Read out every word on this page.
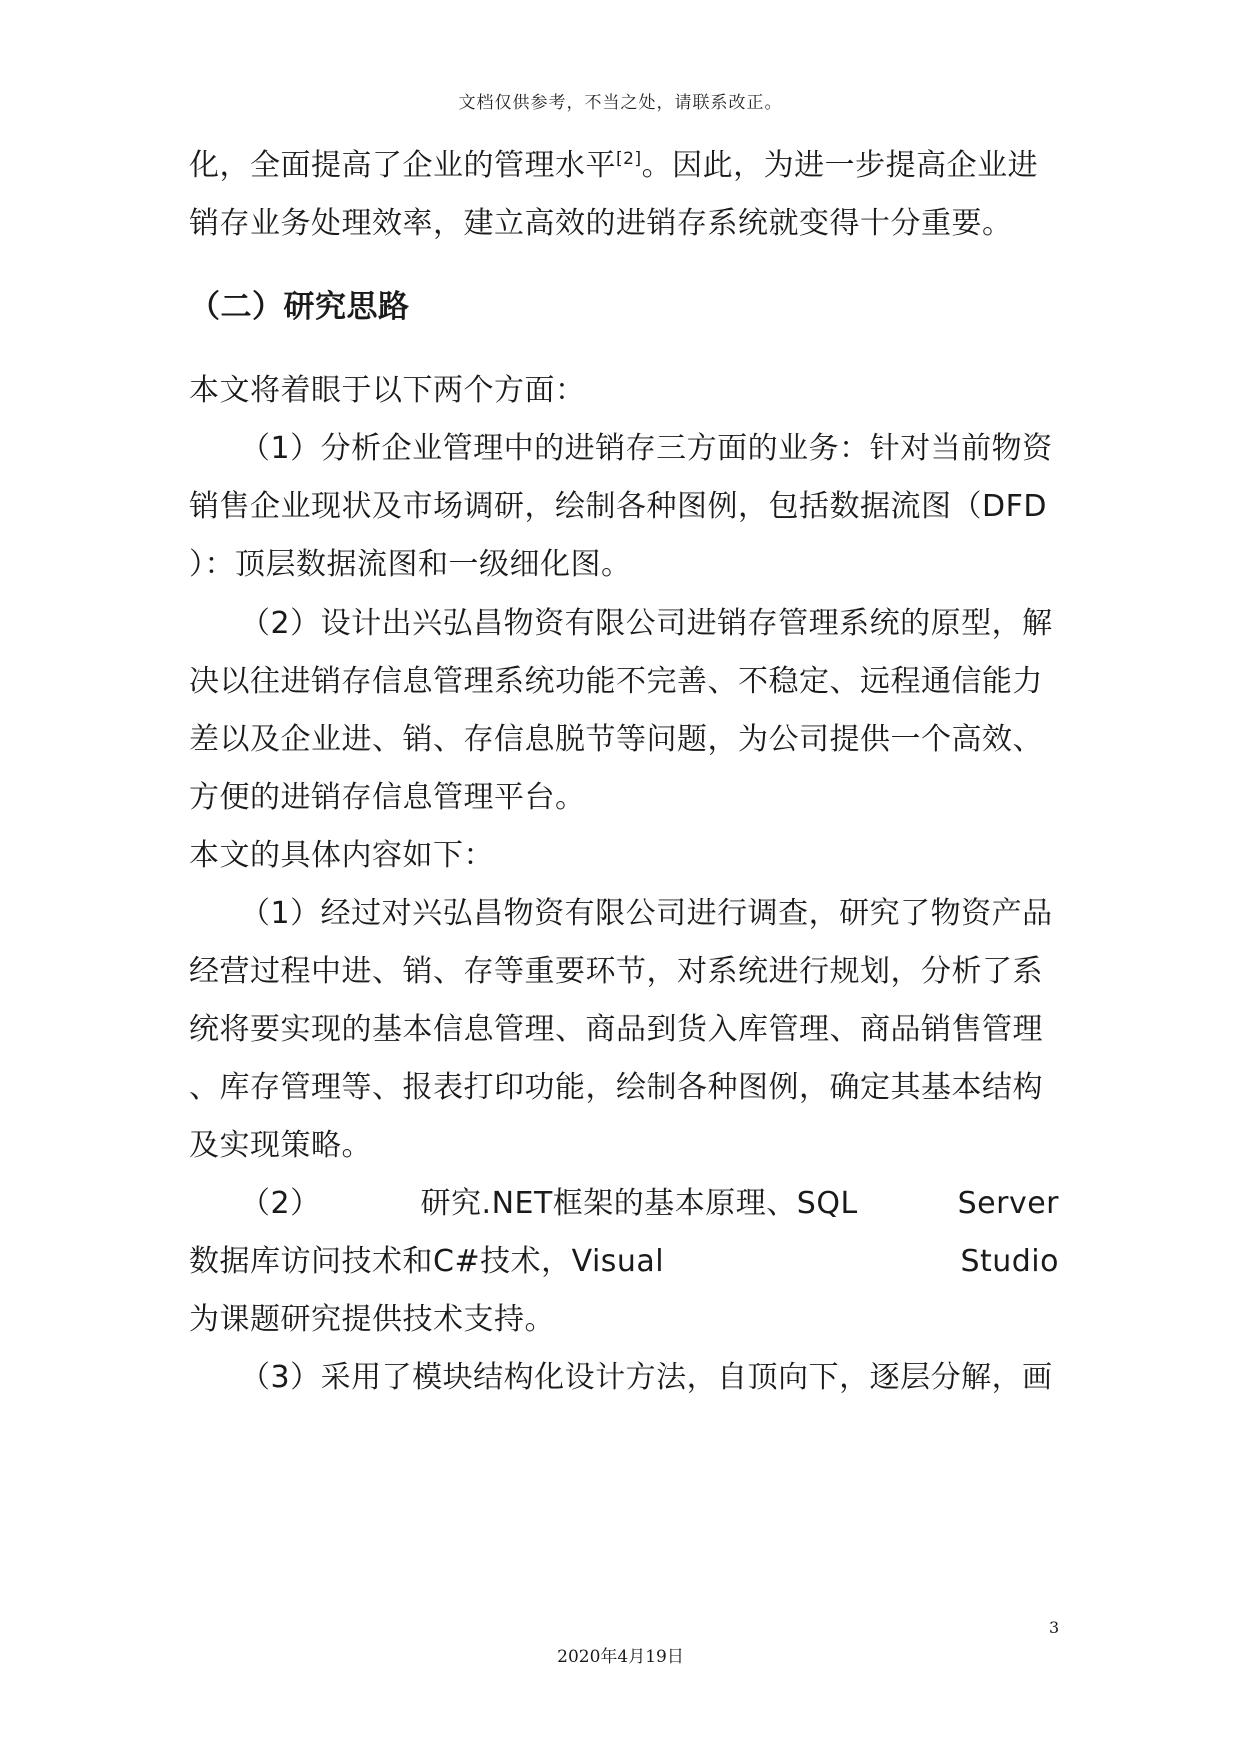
文档仅供参考，不当之处，请联系改正。
化，全面提高了企业的管理水平[2]。因此，为进一步提高企业进
销存业务处理效率，建立高效的进销存系统就变得十分重要。
（二）研究思路
本文将着眼于以下两个方面：
（1）分析企业管理中的进销存三方面的业务：针对当前物资
销售企业现状及市场调研，绘制各种图例，包括数据流图（DFD
）：顶层数据流图和一级细化图。
（2）设计出兴弘昌物资有限公司进销存管理系统的原型，解
决以往进销存信息管理系统功能不完善、不稳定、远程通信能力
差以及企业进、销、存信息脱节等问题，为公司提供一个高效、
方便的进销存信息管理平台。
本文的具体内容如下：
（1）经过对兴弘昌物资有限公司进行调查，研究了物资产品
经营过程中进、销、存等重要环节，对系统进行规划，分析了系
统将要实现的基本信息管理、商品到货入库管理、商品销售管理
、库存管理等、报表打印功能，绘制各种图例，确定其基本结构
及实现策略。
（2）	研究.NET框架的基本原理、SQL	Server
数据库访问技术和C#技术，Visual	Studio
为课题研究提供技术支持。
（3）采用了模块结构化设计方法，自顶向下，逐层分解，画
3
2020年4月19日
